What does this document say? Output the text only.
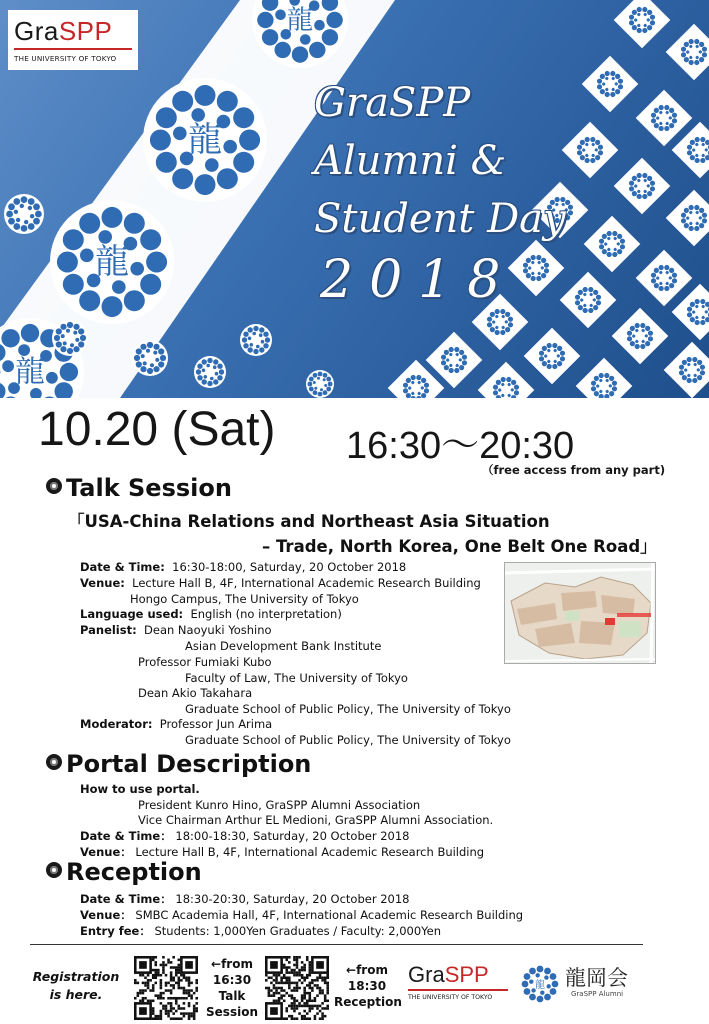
龍
龍
龍
龍
GraSPP
THE UNIVERSITY OF TOKYO
GraSPP
Alumni &
Student Day
2018
10.20 (Sat) 16:30～20:30
（free access from any part)
Talk Session
「USA-China Relations and Northeast Asia Situation
– Trade, North Korea, One Belt One Road」
Date & Time: 16:30-18:00, Saturday, 20 October 2018
Venue: Lecture Hall B, 4F, International Academic Research Building
Hongo Campus, The University of Tokyo
Language used: English (no interpretation)
Panelist: Dean Naoyuki Yoshino
Asian Development Bank Institute
Professor Fumiaki Kubo
Faculty of Law, The University of Tokyo
Dean Akio Takahara
Graduate School of Public Policy, The University of Tokyo
Moderator: Professor Jun Arima
Graduate School of Public Policy, The University of Tokyo
Portal Description
How to use portal.
President Kunro Hino, GraSPP Alumni Association
Vice Chairman Arthur EL Medioni, GraSPP Alumni Association.
Date & Time： 18:00-18:30, Saturday, 20 October 2018
Venue： Lecture Hall B, 4F, International Academic Research Building
Reception
Date & Time： 18:30-20:30, Saturday, 20 October 2018
Venue： SMBC Academia Hall, 4F, International Academic Research Building
Entry fee： Students: 1,000Yen Graduates / Faculty: 2,000Yen
Registration
is here.
←from
16:30
Talk
Session
←from
18:30
Reception
GraSPP
THE UNIVERSITY OF TOKYO
龍 龍岡会
GraSPP Alumni
